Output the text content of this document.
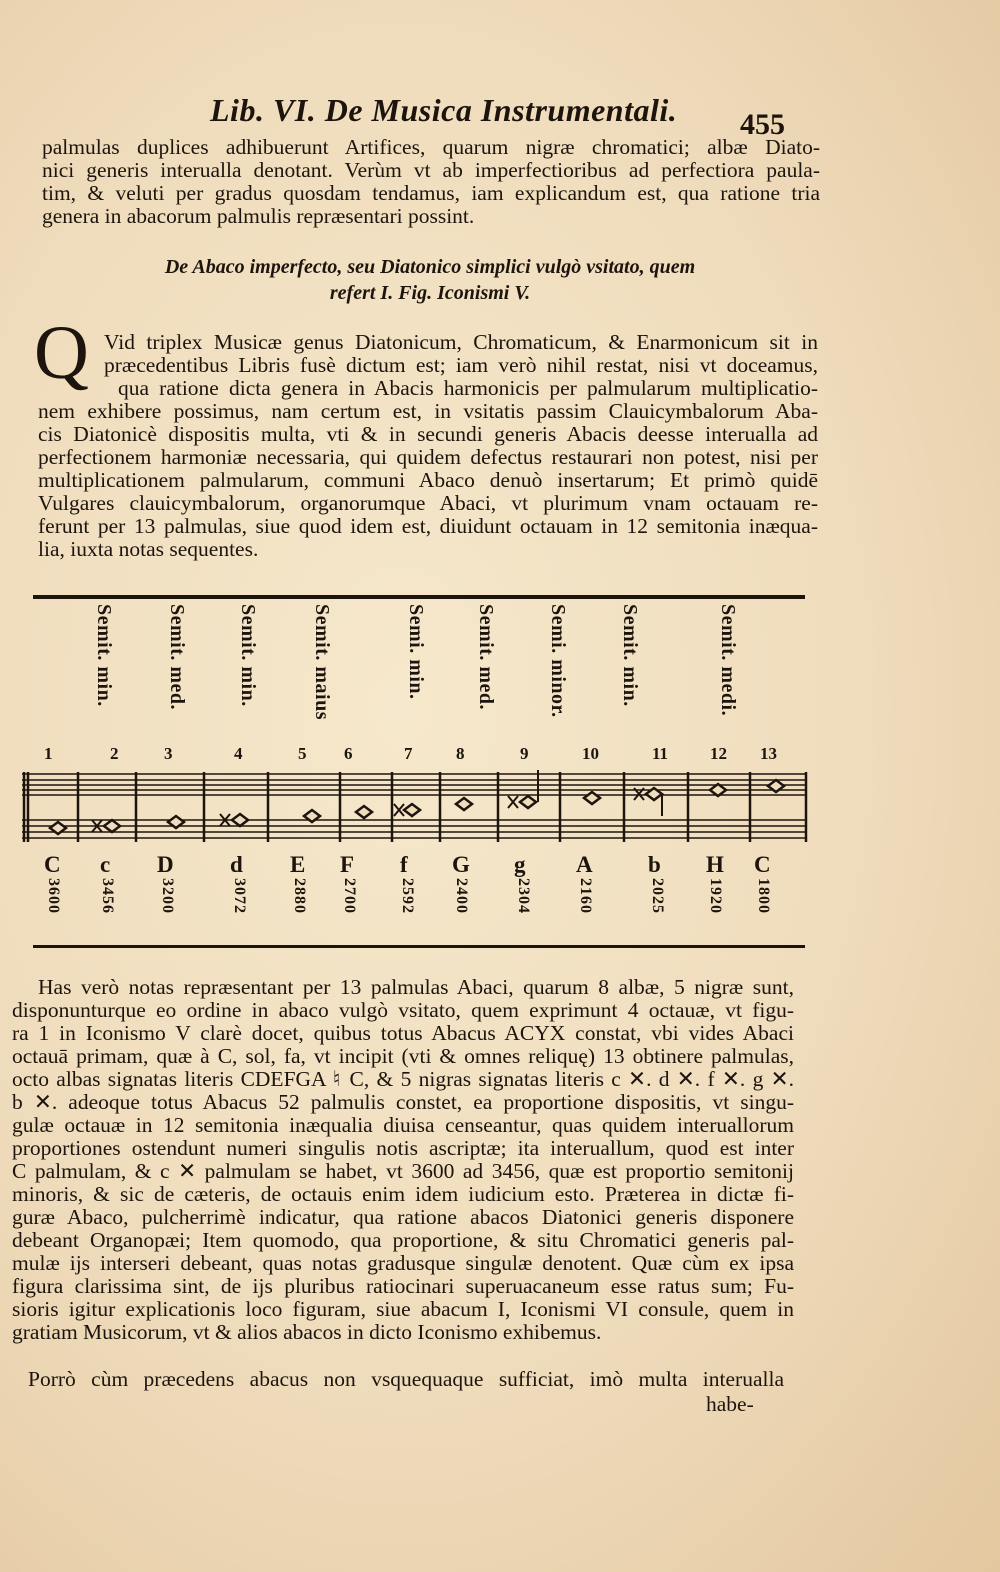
Lib. VI. De Musica Instrumentali. 455
palmulas duplices adhibuerunt Artifices, quarum nigræ chromatici; albæ Diato-
nici generis interualla denotant. Verùm vt ab imperfectioribus ad perfectiora paula-
tim, & veluti per gradus quosdam tendamus, iam explicandum est, qua ratione tria
genera in abacorum palmulis repræsentari possint.
De Abaco imperfecto, seu Diatonico simplici vulgò vsitato, quem
refert I. Fig. Iconismi V.
Q Vid triplex Musicæ genus Diatonicum, Chromaticum, & Enarmonicum sit in
præcedentibus Libris fusè dictum est; iam verò nihil restat, nisi vt doceamus,
qua ratione dicta genera in Abacis harmonicis per palmularum multiplicatio-
nem exhibere possimus, nam certum est, in vsitatis passim Clauicymbalorum Aba-
cis Diatonicè dispositis multa, vti & in secundi generis Abacis deesse interualla ad
perfectionem harmoniæ necessaria, qui quidem defectus restaurari non potest, nisi per
multiplicationem palmularum, communi Abaco denuò insertarum; Et primò quidē
Vulgares clauicymbalorum, organorumque Abaci, vt plurimum vnam octauam re-
ferunt per 13 palmulas, siue quod idem est, diuidunt octauam in 12 semitonia inæqua-
lia, iuxta notas sequentes.
Semit. min.	Semit. med. Semit. min.	Semit. maius	Semi. min. Semit. med.	Semi. minor.	Semit. min.	Semit. medi.
1	2	3	4	5 6	7	8	9	10	11 12 13
C c D d E F f G g A b H C
3600 3456	3200	3072	2880 2700	2592 2400	2304	2160	2025	1920 1800
Has verò notas repræsentant per 13 palmulas Abaci, quarum 8 albæ, 5 nigræ sunt,
disponunturque eo ordine in abaco vulgò vsitato, quem exprimunt 4 octauæ, vt figu-
ra 1 in Iconismo V clarè docet, quibus totus Abacus ACYX constat, vbi vides Abaci
octauā primam, quæ à C, sol, fa, vt incipit (vti & omnes reliquę) 13 obtinere palmulas,
octo albas signatas literis CDEFGA ♮ C, & 5 nigras signatas literis c ✕. d ✕. f ✕. g ✕.
b ✕. adeoque totus Abacus 52 palmulis constet, ea proportione dispositis, vt singu-
gulæ octauæ in 12 semitonia inæqualia diuisa censeantur, quas quidem interuallorum
proportiones ostendunt numeri singulis notis ascriptæ; ita interuallum, quod est inter
C palmulam, & c ✕ palmulam se habet, vt 3600 ad 3456, quæ est proportio semitonij
minoris, & sic de cæteris, de octauis enim idem iudicium esto. Præterea in dictæ fi-
guræ Abaco, pulcherrimè indicatur, qua ratione abacos Diatonici generis disponere
debeant Organopæi; Item quomodo, qua proportione, & situ Chromatici generis pal-
mulæ ijs interseri debeant, quas notas gradusque singulæ denotent. Quæ cùm ex ipsa
figura clarissima sint, de ijs pluribus ratiocinari superuacaneum esse ratus sum; Fu-
sioris igitur explicationis loco figuram, siue abacum I, Iconismi VI consule, quem in
gratiam Musicorum, vt & alios abacos in dicto Iconismo exhibemus.
Porrò cùm præcedens abacus non vsquequaque sufficiat, imò multa interualla
habe-
